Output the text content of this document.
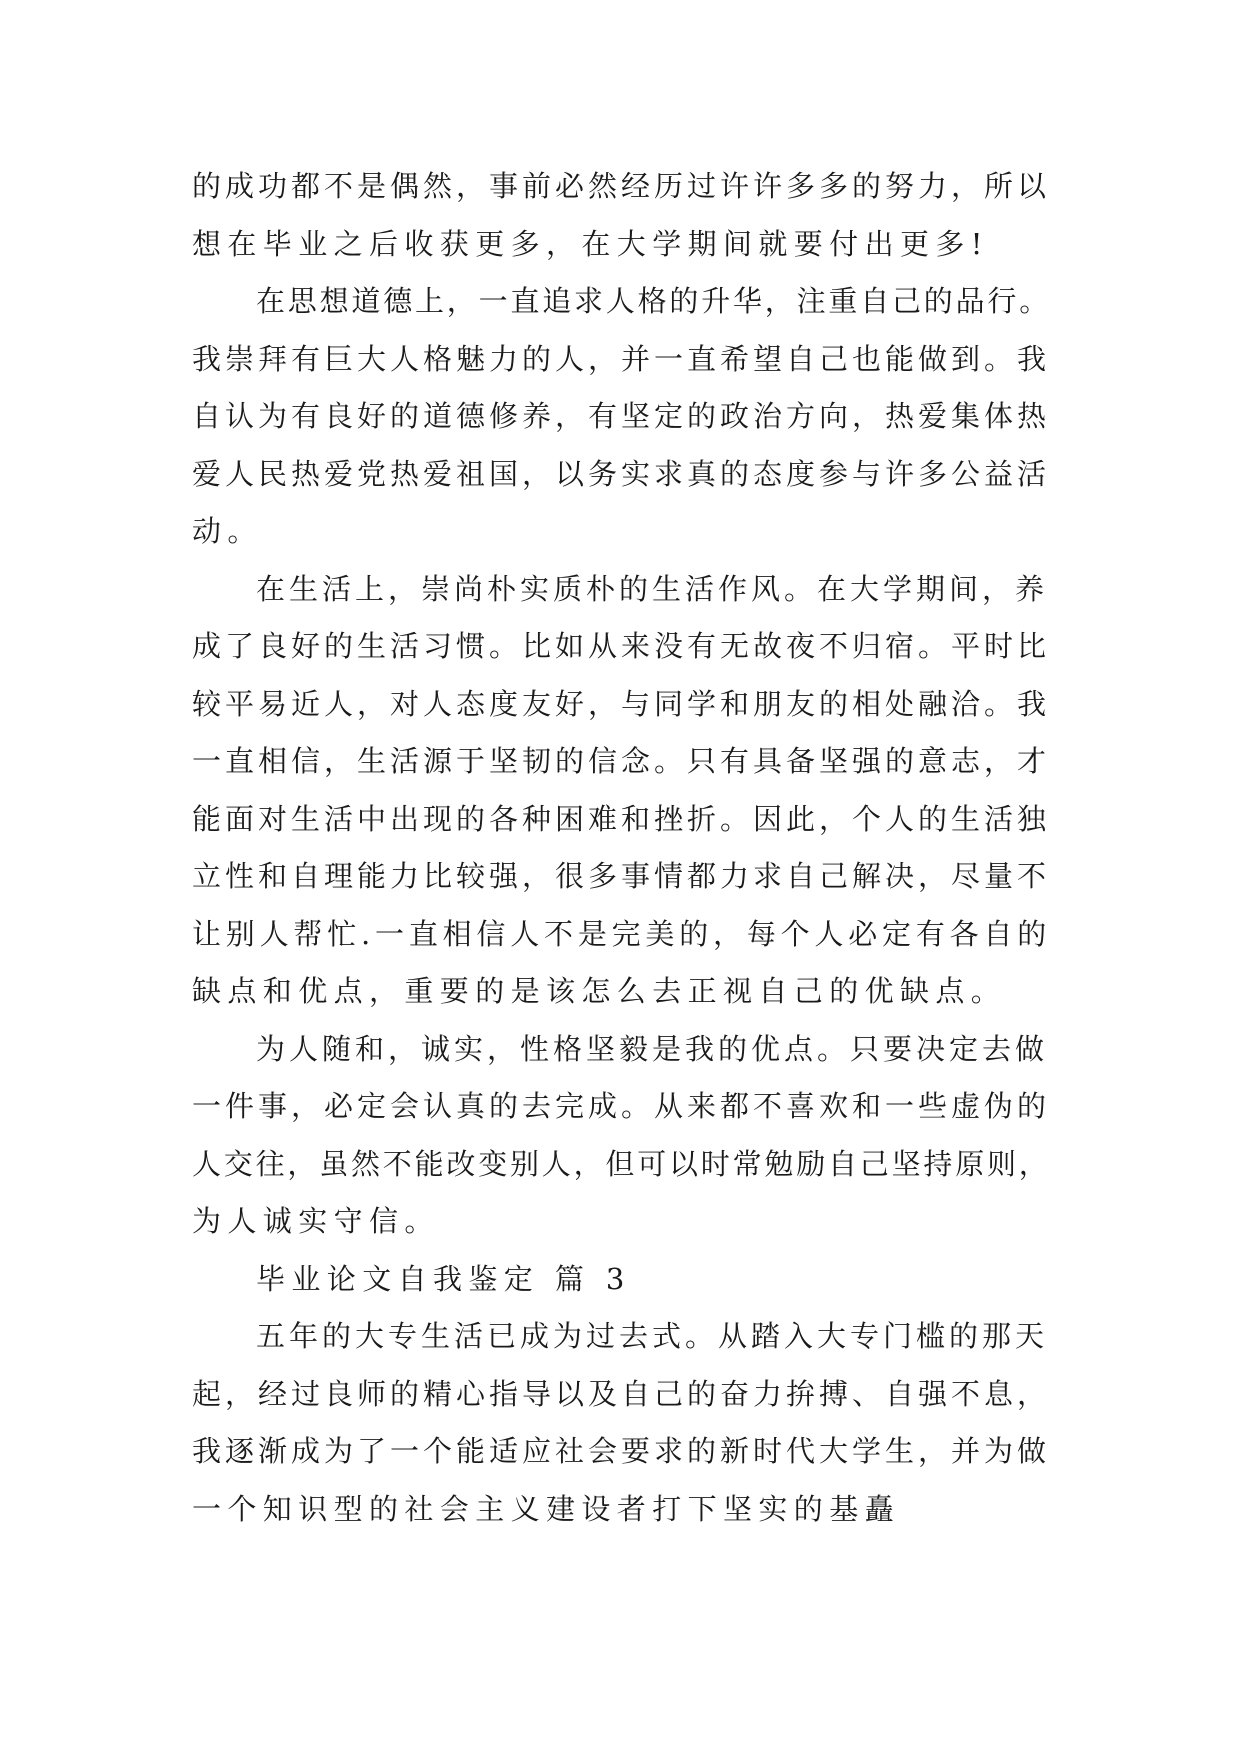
的成功都不是偶然，事前必然经历过许许多多的努力，所以
想在毕业之后收获更多，在大学期间就要付出更多!
在思想道德上，一直追求人格的升华，注重自己的品行。
我崇拜有巨大人格魅力的人，并一直希望自己也能做到。我
自认为有良好的道德修养，有坚定的政治方向，热爱集体热
爱人民热爱党热爱祖国，以务实求真的态度参与许多公益活
动。
在生活上，崇尚朴实质朴的生活作风。在大学期间，养
成了良好的生活习惯。比如从来没有无故夜不归宿。平时比
较平易近人，对人态度友好，与同学和朋友的相处融洽。我
一直相信，生活源于坚韧的信念。只有具备坚强的意志，才
能面对生活中出现的各种困难和挫折。因此，个人的生活独
立性和自理能力比较强，很多事情都力求自己解决，尽量不
让别人帮忙.一直相信人不是完美的，每个人必定有各自的
缺点和优点，重要的是该怎么去正视自己的优缺点。
为人随和，诚实，性格坚毅是我的优点。只要决定去做
一件事，必定会认真的去完成。从来都不喜欢和一些虚伪的
人交往，虽然不能改变别人，但可以时常勉励自己坚持原则，
为人诚实守信。
毕业论文自我鉴定 篇 3
五年的大专生活已成为过去式。从踏入大专门槛的那天
起，经过良师的精心指导以及自己的奋力拚搏、自强不息，
我逐渐成为了一个能适应社会要求的新时代大学生，并为做
一个知识型的社会主义建设者打下坚实的基矗
